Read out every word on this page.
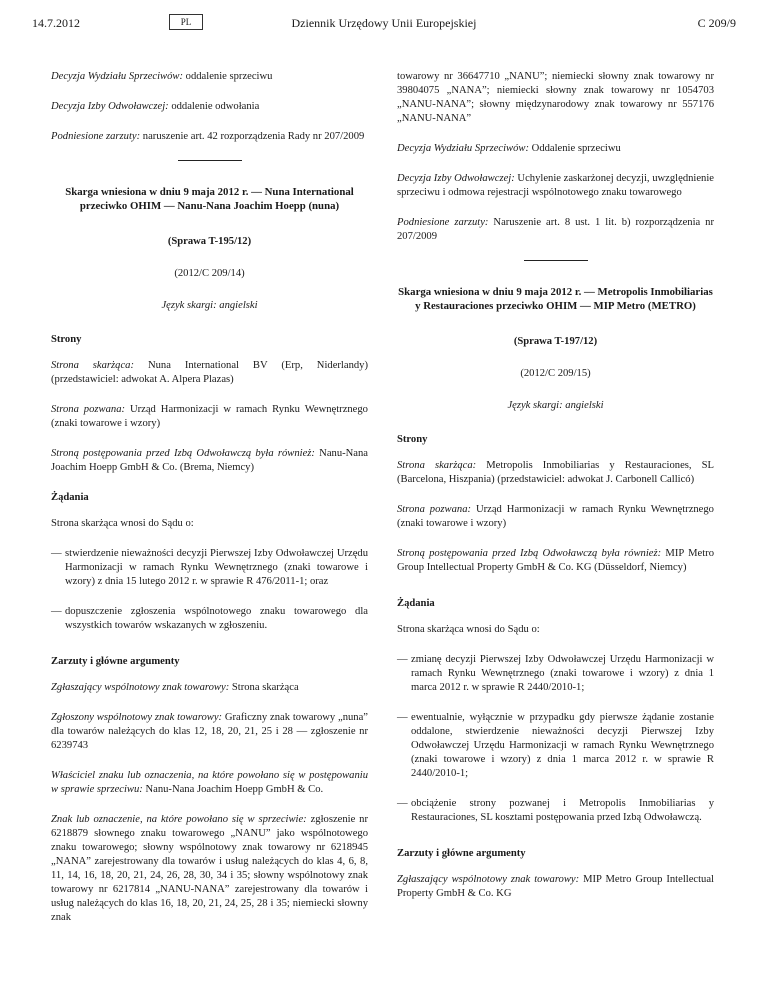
14.7.2012	PL	Dziennik Urzędowy Unii Europejskiej	C 209/9

Decyzja Wydziału Sprzeciwów: oddalenie sprzeciwu

Decyzja Izby Odwoławczej: oddalenie odwołania

Podniesione zarzuty: naruszenie art. 42 rozporządzenia Rady nr 207/2009

Skarga wniesiona w dniu 9 maja 2012 r. — Nuna International przeciwko OHIM — Nanu-Nana Joachim Hoepp (nuna)

(Sprawa T-195/12)

(2012/C 209/14)

Język skargi: angielski

Strony

Strona skarżąca: Nuna International BV (Erp, Niderlandy) (przedstawiciel: adwokat A. Alpera Plazas)

Strona pozwana: Urząd Harmonizacji w ramach Rynku Wewnętrznego (znaki towarowe i wzory)

Stroną postępowania przed Izbą Odwoławczą była również: Nanu-Nana Joachim Hoepp GmbH & Co. (Brema, Niemcy)

Żądania

Strona skarżąca wnosi do Sądu o:

— stwierdzenie nieważności decyzji Pierwszej Izby Odwoławczej Urzędu Harmonizacji w ramach Rynku Wewnętrznego (znaki towarowe i wzory) z dnia 15 lutego 2012 r. w sprawie R 476/2011-1; oraz
— dopuszczenie zgłoszenia wspólnotowego znaku towarowego dla wszystkich towarów wskazanych w zgłoszeniu.

Zarzuty i główne argumenty

Zgłaszający wspólnotowy znak towarowy: Strona skarżąca

Zgłoszony wspólnotowy znak towarowy: Graficzny znak towarowy „nuna” dla towarów należących do klas 12, 18, 20, 21, 25 i 28 — zgłoszenie nr 6239743

Właściciel znaku lub oznaczenia, na które powołano się w postępowaniu w sprawie sprzeciwu: Nanu-Nana Joachim Hoepp GmbH & Co.

Znak lub oznaczenie, na które powołano się w sprzeciwie: zgłoszenie nr 6218879 słownego znaku towarowego „NANU” jako wspólnotowego znaku towarowego; słowny wspólnotowy znak towarowy nr 6218945 „NANA” zarejestrowany dla towarów i usług należących do klas 4, 6, 8, 11, 14, 16, 18, 20, 21, 24, 26, 28, 30, 34 i 35; słowny wspólnotowy znak towarowy nr 6217814 „NANU-NANA” zarejestrowany dla towarów i usług należących do klas 16, 18, 20, 21, 24, 25, 28 i 35; niemiecki słowny znak

towarowy nr 36647710 „NANU”; niemiecki słowny znak towarowy nr 39804075 „NANA”; niemiecki słowny znak towarowy nr 1054703 „NANU-NANA”; słowny międzynarodowy znak towarowy nr 557176 „NANU-NANA”

Decyzja Wydziału Sprzeciwów: Oddalenie sprzeciwu

Decyzja Izby Odwoławczej: Uchylenie zaskarżonej decyzji, uwzględnienie sprzeciwu i odmowa rejestracji wspólnotowego znaku towarowego

Podniesione zarzuty: Naruszenie art. 8 ust. 1 lit. b) rozporządzenia nr 207/2009

Skarga wniesiona w dniu 9 maja 2012 r. — Metropolis Inmobiliarias y Restauraciones przeciwko OHIM — MIP Metro (METRO)

(Sprawa T-197/12)

(2012/C 209/15)

Język skargi: angielski

Strony

Strona skarżąca: Metropolis Inmobiliarias y Restauraciones, SL (Barcelona, Hiszpania) (przedstawiciel: adwokat J. Carbonell Callicó)

Strona pozwana: Urząd Harmonizacji w ramach Rynku Wewnętrznego (znaki towarowe i wzory)

Stroną postępowania przed Izbą Odwoławczą była również: MIP Metro Group Intellectual Property GmbH & Co. KG (Düsseldorf, Niemcy)

Żądania

Strona skarżąca wnosi do Sądu o:

— zmianę decyzji Pierwszej Izby Odwoławczej Urzędu Harmonizacji w ramach Rynku Wewnętrznego (znaki towarowe i wzory) z dnia 1 marca 2012 r. w sprawie R 2440/2010-1;
— ewentualnie, wyłącznie w przypadku gdy pierwsze żądanie zostanie oddalone, stwierdzenie nieważności decyzji Pierwszej Izby Odwoławczej Urzędu Harmonizacji w ramach Rynku Wewnętrznego (znaki towarowe i wzory) z dnia 1 marca 2012 r. w sprawie R 2440/2010-1;
— obciążenie strony pozwanej i Metropolis Inmobiliarias y Restauraciones, SL kosztami postępowania przed Izbą Odwoławczą.

Zarzuty i główne argumenty

Zgłaszający wspólnotowy znak towarowy: MIP Metro Group Intellectual Property GmbH & Co. KG
